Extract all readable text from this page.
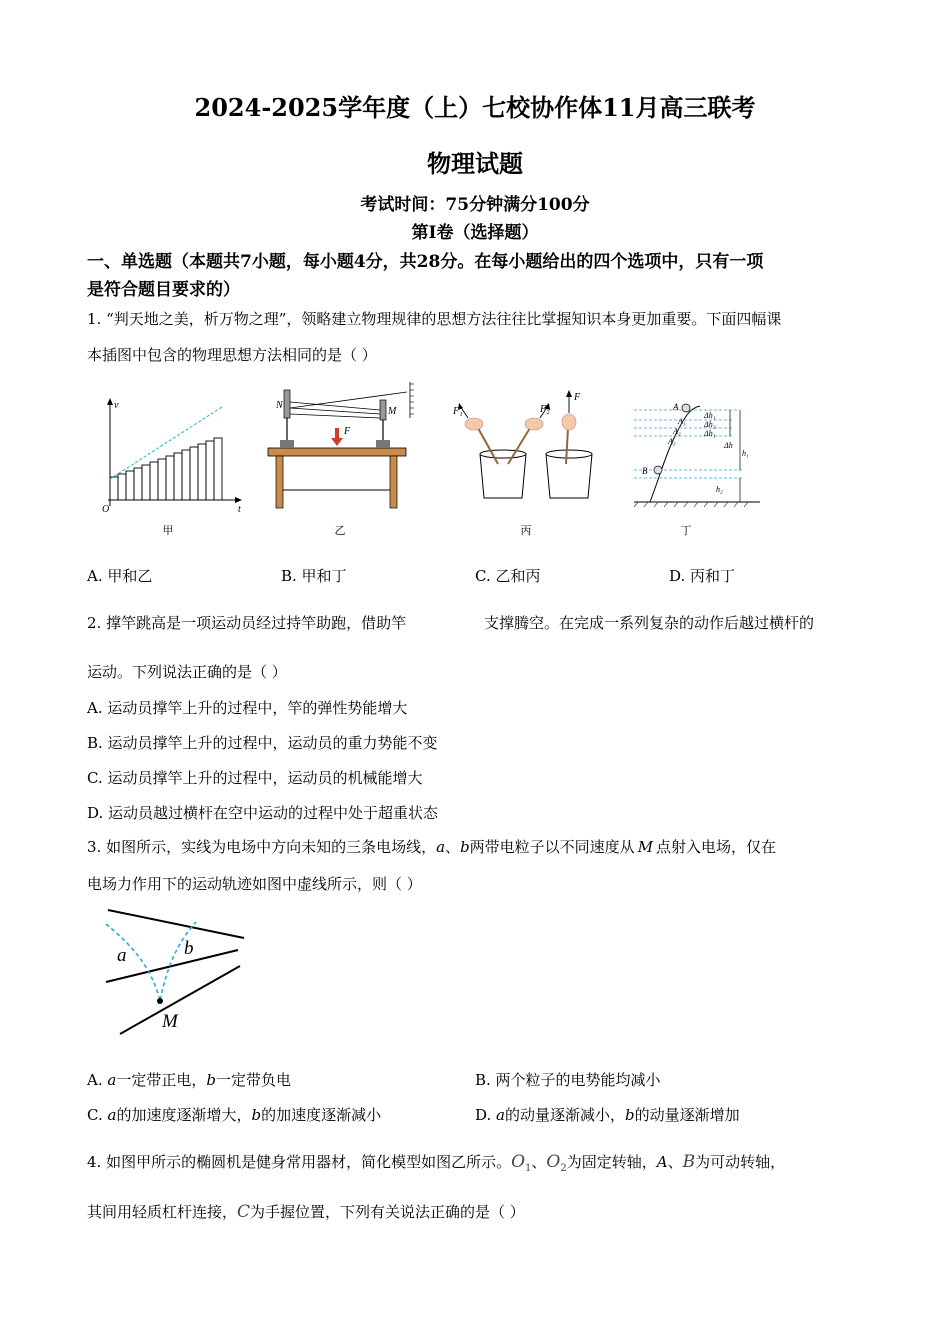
2024-2025学年度（上）七校协作体11月高三联考
物理试题
考试时间：75分钟满分100分
第Ⅰ卷（选择题）
一、单选题（本题共7小题，每小题4分，共28分。在每小题给出的四个选项中，只有一项
是符合题目要求的）
1. “判天地之美，析万物之理”，领略建立物理规律的思想方法往往比掌握知识本身更加重要。下面四幅课
本插图中包含的物理思想方法相同的是（ ）
v
t
O
甲
F
N
M
乙
F₁	F₂
F
丙
A
A₁
A₂
A₃
B
Δh₁
Δh₂
Δh₃
Δh
h₁
h₂
丁
A. 甲和乙	B. 甲和丁	C. 乙和丙	D. 丙和丁
2. 撑竿跳高是一项运动员经过持竿助跑，借助竿	支撑腾空。在完成一系列复杂的动作后越过横杆的
运动。下列说法正确的是（ ）
A. 运动员撑竿上升的过程中，竿的弹性势能增大
B. 运动员撑竿上升的过程中，运动员的重力势能不变
C. 运动员撑竿上升的过程中，运动员的机械能增大
D. 运动员越过横杆在空中运动的过程中处于超重状态
3. 如图所示，实线为电场中方向未知的三条电场线，a、b两带电粒子以不同速度从 M 点射入电场，仅在
电场力作用下的运动轨迹如图中虚线所示，则（ ）
a	b
M
A. a一定带正电，b一定带负电	B. 两个粒子的电势能均减小
C. a的加速度逐渐增大，b的加速度逐渐减小	D. a的动量逐渐减小，b的动量逐渐增加
4. 如图甲所示的椭圆机是健身常用器材，简化模型如图乙所示。$O_1$、$O_2$为固定转轴，A、B为可动转轴，
其间用轻质杠杆连接，C为手握位置，下列有关说法正确的是（ ）
